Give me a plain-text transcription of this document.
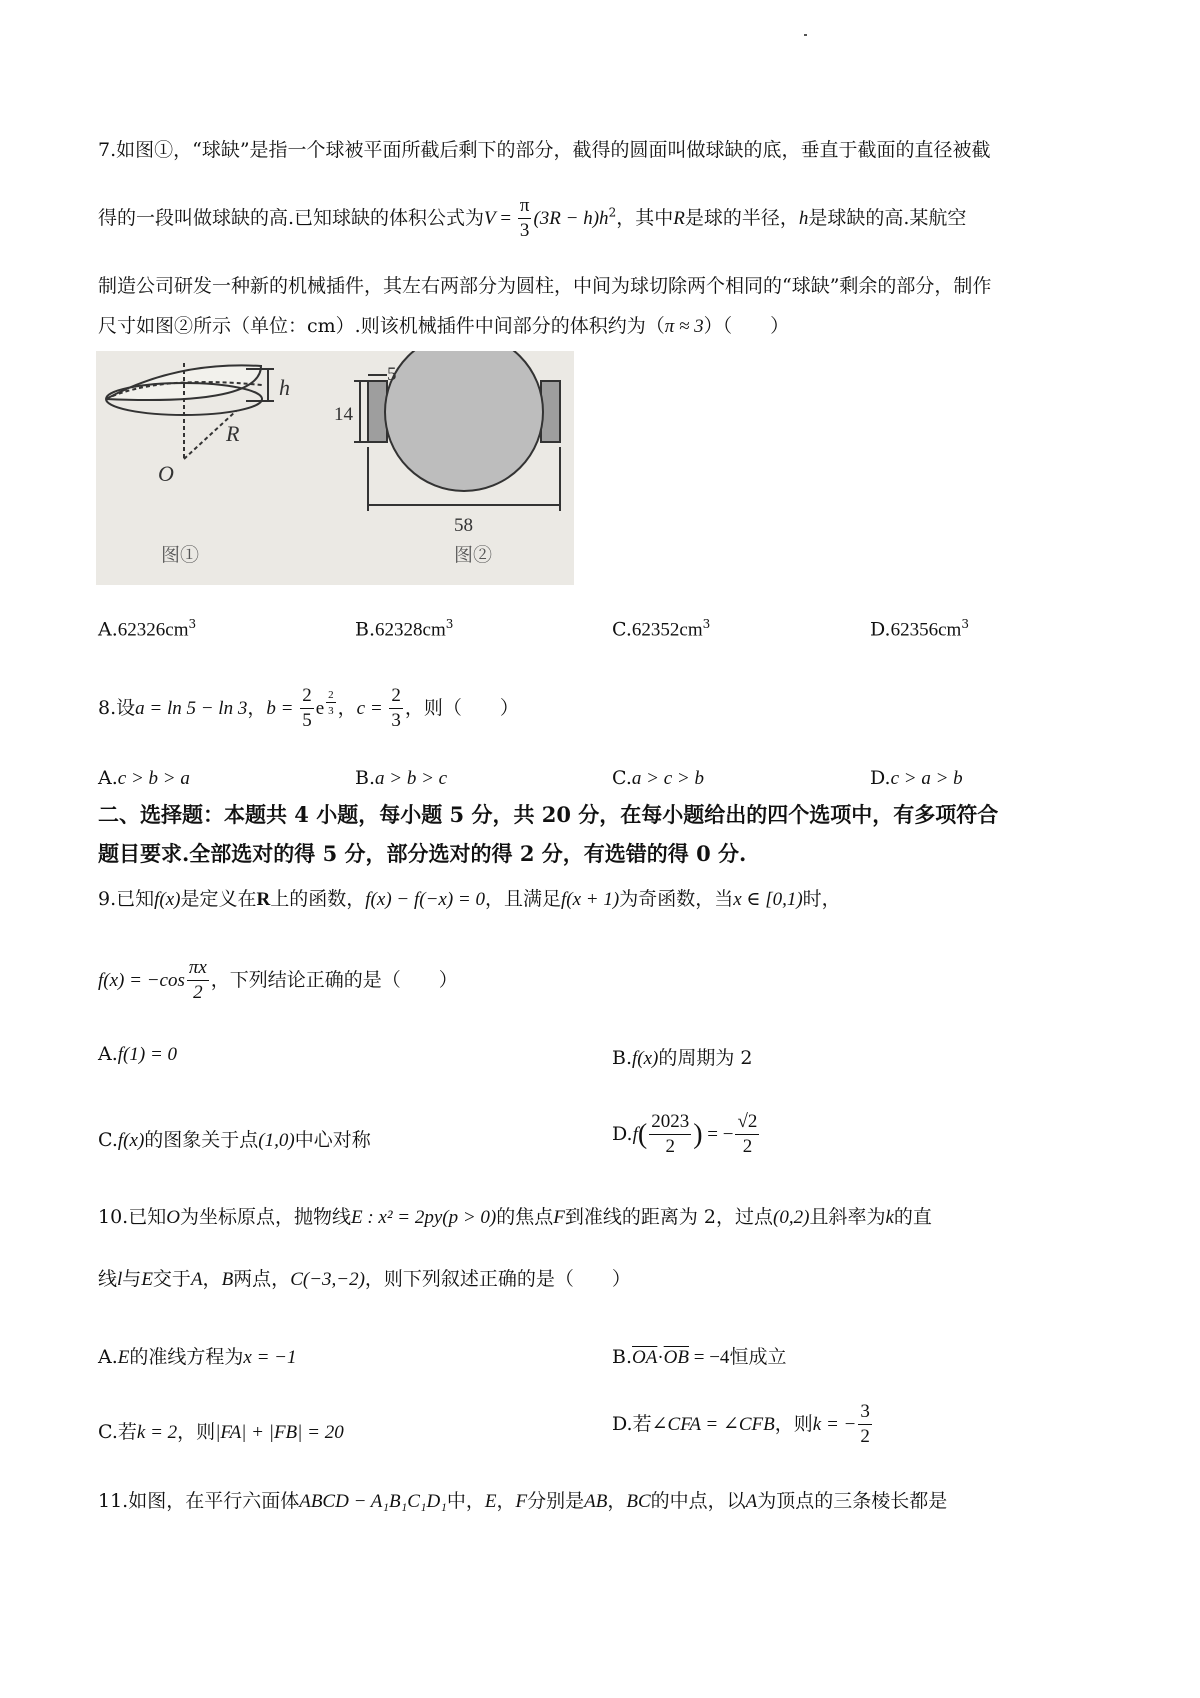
7.如图①，“球缺”是指一个球被平面所截后剩下的部分，截得的圆面叫做球缺的底，垂直于截面的直径被截
得的一段叫做球缺的高.已知球缺的体积公式为$V = \frac{\pi}{3} (3R - h)h^2$，其中R是球的半径，h是球缺的高.某航空
制造公司研发一种新的机械插件，其左右两部分为圆柱，中间为球切除两个相同的“球缺”剩余的部分，制作
尺寸如图②所示（单位：cm）.则该机械插件中间部分的体积约为（π ≈ 3）（　　）
h
R
O
图①
5
14
58
图②
$A.62326cm^3$	$B.62328cm^3$	$C.62352cm^3$	$D.62356cm^3$
8.设a = ln 5 − ln 3，$b = \frac{2}{5}$ e $^{\frac{2}{3}}$ ，$c = \frac{2}{3}$ ，则（　　）
A.c > b > a	B.a > b > c	C.a > c > b	D.c > a > b
二、选择题：本题共 4 小题，每小题 5 分，共 20 分，在每小题给出的四个选项中，有多项符合
题目要求.全部选对的得 5 分，部分选对的得 2 分，有选错的得 0 分.
9.已知f(x)是定义在R上的函数，f(x) − f(−x) = 0，且满足f(x + 1)为奇函数，当x ∈ [0,1)时，
$f(x) = -\cos \frac{\pi x}{2}$ ，下列结论正确的是（　　）
A.f(1) = 0	B.f(x)的周期为 2
C.f(x)的图象关于点(1,0)中心对称	$D.f( \frac{2023}{2}$ ) = − $\frac{√2}{2}$
10.已知O为坐标原点，抛物线E : x² = 2py(p > 0)的焦点F到准线的距离为 2，过点(0,2)且斜率为k的直
线l与E交于A，B两点，C(−3,−2)，则下列叙述正确的是（　　）
A.E的准线方程为x = −1	$B.\overline{OA}\cdot\overline{OB} = -4$恒成立
C.若k = 2，则|FA| + |FB| = 20	D.若∠CFA = ∠CFB，则k = − $\frac{3}{2}$
11.如图，在平行六面体ABCD − A₁B₁C₁D₁中，E，F分别是AB，BC的中点，以A为顶点的三条棱长都是
